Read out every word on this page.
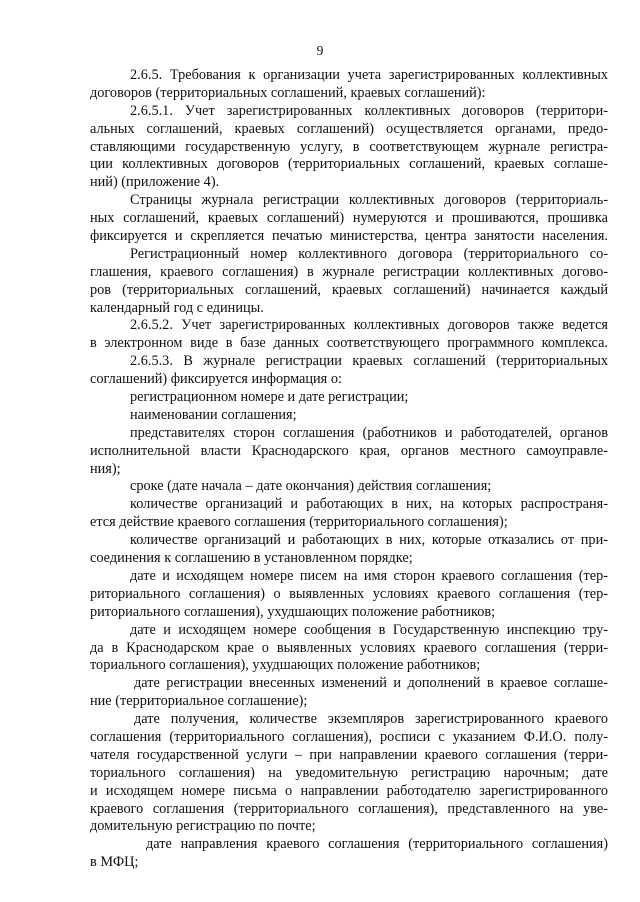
9
2.6.5. Требования к организации учета зарегистрированных коллективных
договоров (территориальных соглашений, краевых соглашений):
2.6.5.1. Учет зарегистрированных коллективных договоров (территори-
альных соглашений, краевых соглашений) осуществляется органами, предо-
ставляющими государственную услугу, в соответствующем журнале регистра-
ции коллективных договоров (территориальных соглашений, краевых соглаше-
ний) (приложение 4).
Страницы журнала регистрации коллективных договоров (территориаль-
ных соглашений, краевых соглашений) нумеруются и прошиваются, прошивка
фиксируется и скрепляется печатью министерства, центра занятости населения.
Регистрационный номер коллективного договора (территориального со-
глашения, краевого соглашения) в журнале регистрации коллективных догово-
ров (территориальных соглашений, краевых соглашений) начинается каждый
календарный год с единицы.
2.6.5.2. Учет зарегистрированных коллективных договоров также ведется
в электронном виде в базе данных соответствующего программного комплекса.
2.6.5.3. В журнале регистрации краевых соглашений (территориальных
соглашений) фиксируется информация о:
регистрационном номере и дате регистрации;
наименовании соглашения;
представителях сторон соглашения (работников и работодателей, органов
исполнительной власти Краснодарского края, органов местного самоуправле-
ния);
сроке (дате начала – дате окончания) действия соглашения;
количестве организаций и работающих в них, на которых распространя-
ется действие краевого соглашения (территориального соглашения);
количестве организаций и работающих в них, которые отказались от при-
соединения к соглашению в установленном порядке;
дате и исходящем номере писем на имя сторон краевого соглашения (тер-
риториального соглашения) о выявленных условиях краевого соглашения (тер-
риториального соглашения), ухудшающих положение работников;
дате и исходящем номере сообщения в Государственную инспекцию тру-
да в Краснодарском крае о выявленных условиях краевого соглашения (терри-
ториального соглашения), ухудшающих положение работников;
дате регистрации внесенных изменений и дополнений в краевое соглаше-
ние (территориальное соглашение);
дате получения, количестве экземпляров зарегистрированного краевого
соглашения (территориального соглашения), росписи с указанием Ф.И.О. полу-
чателя государственной услуги – при направлении краевого соглашения (терри-
ториального соглашения) на уведомительную регистрацию нарочным; дате
и исходящем номере письма о направлении работодателю зарегистрированного
краевого соглашения (территориального соглашения), представленного на уве-
домительную регистрацию по почте;
дате направления краевого соглашения (территориального соглашения)
в МФЦ;
